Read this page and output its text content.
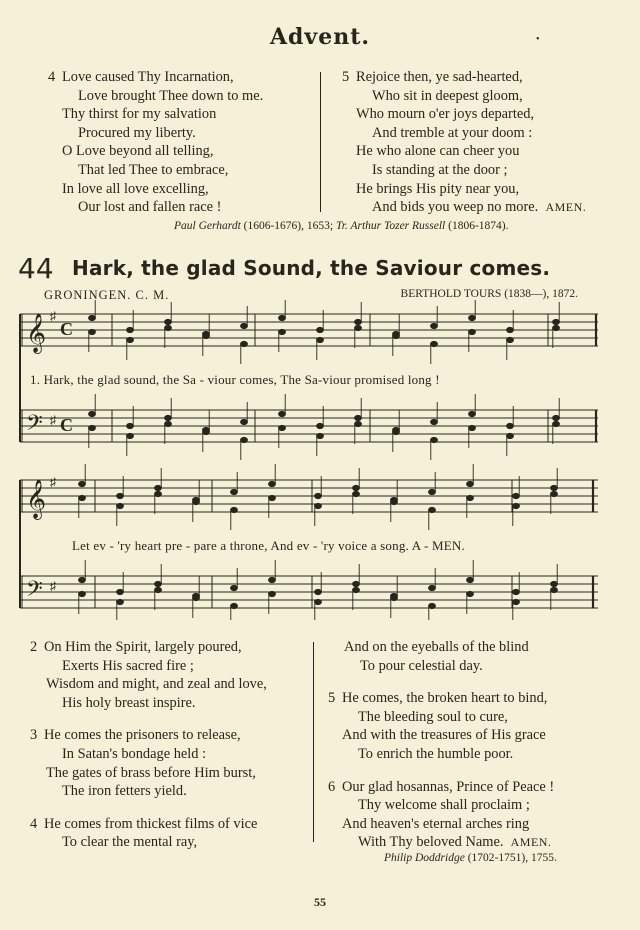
Advent.	•
4 Love caused Thy Incarnation,
Love brought Thee down to me.
Thy thirst for my salvation
Procured my liberty.
O Love beyond all telling,
That led Thee to embrace,
In love all love excelling,
Our lost and fallen race !
5 Rejoice then, ye sad-hearted,
Who sit in deepest gloom,
Who mourn o'er joys departed,
And tremble at your doom :
He who alone can cheer you
Is standing at the door ;
He brings His pity near you,
And bids you weep no more. AMEN.
Paul Gerhardt (1606-1676), 1653; Tr. Arthur Tozer Russell (1806-1874).
44 Hark, the glad Sound, the Saviour comes.
GRONINGEN. C. M.	BERTHOLD TOURS (1838—), 1872.
𝄞
𝄢
♯
♯
C
C
𝄞
𝄢
♯
♯
1. Hark, the glad sound, the Sa - viour comes, The Sa-viour promised long !
Let ev - 'ry heart pre - pare a throne, And ev - 'ry voice a song. A - MEN.
2 On Him the Spirit, largely poured,
Exerts His sacred fire ;
Wisdom and might, and zeal and love,
His holy breast inspire.
3 He comes the prisoners to release,
In Satan's bondage held :
The gates of brass before Him burst,
The iron fetters yield.
4 He comes from thickest films of vice
To clear the mental ray,
And on the eyeballs of the blind
To pour celestial day.
5 He comes, the broken heart to bind,
The bleeding soul to cure,
And with the treasures of His grace
To enrich the humble poor.
6 Our glad hosannas, Prince of Peace !
Thy welcome shall proclaim ;
And heaven's eternal arches ring
With Thy beloved Name. AMEN.
Philip Doddridge (1702-1751), 1755.
55
